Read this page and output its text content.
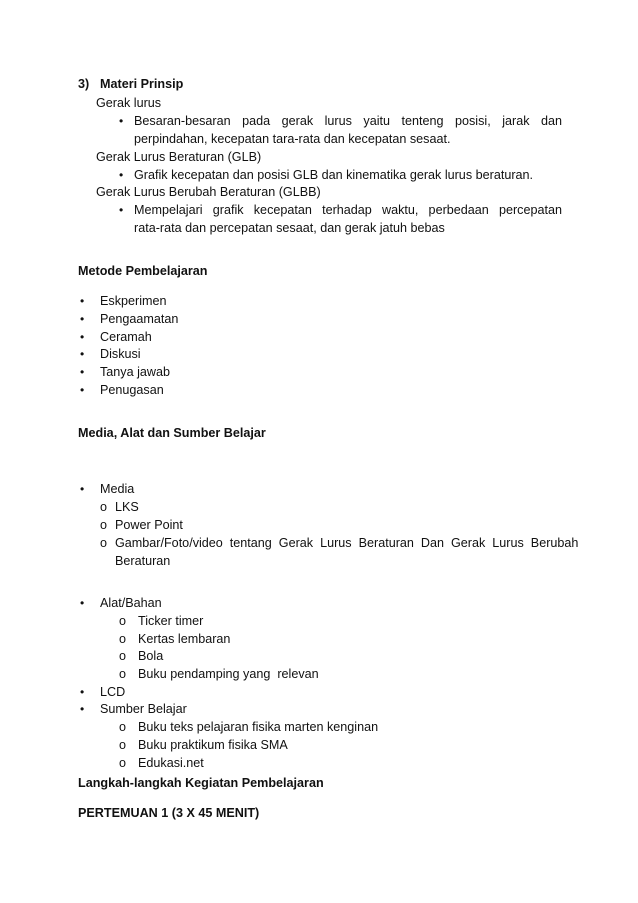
3) Materi Prinsip
Gerak lurus
• Besaran-besaran pada gerak lurus yaitu tenteng posisi, jarak dan
perpindahan, kecepatan tara-rata dan kecepatan sesaat.
Gerak Lurus Beraturan (GLB)
• Grafik kecepatan dan posisi GLB dan kinematika gerak lurus beraturan.
Gerak Lurus Berubah Beraturan (GLBB)
• Mempelajari grafik kecepatan terhadap waktu, perbedaan percepatan
rata-rata dan percepatan sesaat, dan gerak jatuh bebas
Metode Pembelajaran
• Eskperimen
• Pengaamatan
• Ceramah
• Diskusi
• Tanya jawab
• Penugasan
Media, Alat dan Sumber Belajar
• Media
o LKS
o Power Point
o Gambar/Foto/video  tentang  Gerak  Lurus  Beraturan  Dan  Gerak  Lurus  Berubah
Beraturan
• Alat/Bahan
o Ticker timer
o Kertas lembaran
o Bola
o Buku pendamping yang  relevan
• LCD
• Sumber Belajar
o Buku teks pelajaran fisika marten kenginan
o Buku praktikum fisika SMA
o Edukasi.net
Langkah-langkah Kegiatan Pembelajaran
PERTEMUAN 1 (3 X 45 MENIT)
